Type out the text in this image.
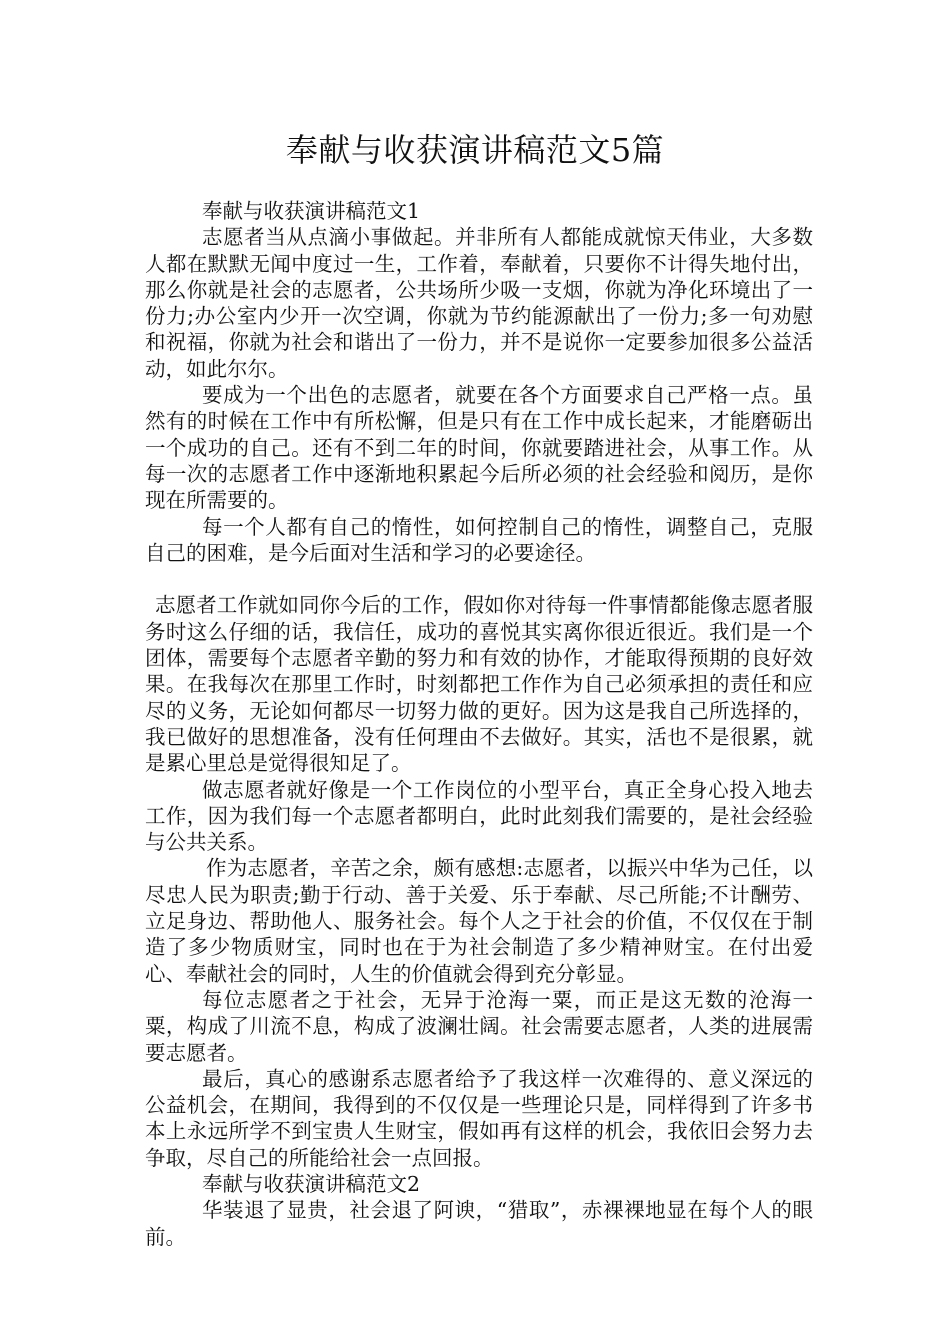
奉献与收获演讲稿范文5篇

奉献与收获演讲稿范文1

志愿者当从点滴小事做起。并非所有人都能成就惊天伟业，大多数人都在默默无闻中度过一生，工作着，奉献着，只要你不计得失地付出，那么你就是社会的志愿者，公共场所少吸一支烟，你就为净化环境出了一份力;办公室内少开一次空调，你就为节约能源献出了一份力;多一句劝慰和祝福，你就为社会和谐出了一份力，并不是说你一定要参加很多公益活动，如此尔尔。

要成为一个出色的志愿者，就要在各个方面要求自己严格一点。虽然有的时候在工作中有所松懈，但是只有在工作中成长起来，才能磨砺出一个成功的自己。还有不到二年的时间，你就要踏进社会，从事工作。从每一次的志愿者工作中逐渐地积累起今后所必须的社会经验和阅历，是你现在所需要的。

每一个人都有自己的惰性，如何控制自己的惰性，调整自己，克服自己的困难，是今后面对生活和学习的必要途径。

志愿者工作就如同你今后的工作，假如你对待每一件事情都能像志愿者服务时这么仔细的话，我信任，成功的喜悦其实离你很近很近。我们是一个团体，需要每个志愿者辛勤的努力和有效的协作，才能取得预期的良好效果。在我每次在那里工作时，时刻都把工作作为自己必须承担的责任和应尽的义务，无论如何都尽一切努力做的更好。因为这是我自己所选择的，我已做好的思想准备，没有任何理由不去做好。其实，活也不是很累，就是累心里总是觉得很知足了。

做志愿者就好像是一个工作岗位的小型平台，真正全身心投入地去工作，因为我们每一个志愿者都明白，此时此刻我们需要的，是社会经验与公共关系。

作为志愿者，辛苦之余，颇有感想:志愿者，以振兴中华为己任，以尽忠人民为职责;勤于行动、善于关爱、乐于奉献、尽己所能;不计酬劳、立足身边、帮助他人、服务社会。每个人之于社会的价值，不仅仅在于制造了多少物质财宝，同时也在于为社会制造了多少精神财宝。在付出爱心、奉献社会的同时，人生的价值就会得到充分彰显。

每位志愿者之于社会，无异于沧海一粟，而正是这无数的沧海一粟，构成了川流不息，构成了波澜壮阔。社会需要志愿者，人类的进展需要志愿者。

最后，真心的感谢系志愿者给予了我这样一次难得的、意义深远的公益机会，在期间，我得到的不仅仅是一些理论只是，同样得到了许多书本上永远所学不到宝贵人生财宝，假如再有这样的机会，我依旧会努力去争取，尽自己的所能给社会一点回报。

奉献与收获演讲稿范文2

华装退了显贵，社会退了阿谀，“猎取”，赤裸裸地显在每个人的眼前。
